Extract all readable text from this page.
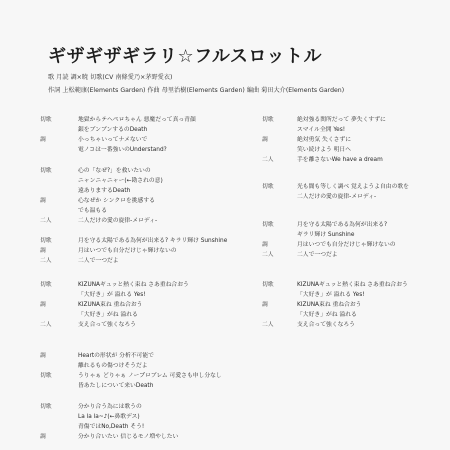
ギザギザギラリ☆フルスロットル
歌 月読 調×暁 切歌(CV 南條愛乃×茅野愛衣)
作詞 上松範康(Elements Garden) 作曲 母里治樹(Elements Garden) 編曲 菊田大介(Elements Garden)
切歌	地獄からテヘペロちゃん 悪魔だって真っ青顔
銀をブンブンするのDeath
調	小っちゃいってナメないで
電ノコは一番強いのUnderstand?
切歌	心の「なぜ?」を救いたいの
ニャンニャニャー(←勘されの意)
遠ありまするDeath
調	心なぜか シンクロを挑感する
でも温もる
二人	二人だけの愛の旋律-メロディ-
切歌	月を守る太陽である為何が出来る? キラリ輝け Sunshine
調	月はいつでも自分だけじゃ輝けないの
二人	二人で一つだよ
切歌	KIZUNAギュッと熱く束ね さあ重ね合おう
「大好き」が 溢れる Yes!
調	KIZUNA束ね 重ね合おう
「大好き」がね 溢れる
二人	支え合って強くなろう
調	Heartの形状が 分析不可能で
離れるもの傷つけそうだよ
切歌	うりゃぁ どりゃぁ ノープロブレム 可愛さも申し分なし
皆あたしについて来いDeath
切歌	分かり合う為には歌うの
La la la~♪(←鼻歌デス)
青傷ではNo,Death そう!
調	分かり合いたい 信じるモノ増やしたい
切歌	絶対強る関所だって 夢失くすずに
スマイル全開 Yes!
調	絶対勇気 失くさずに
笑い続けよう 明日へ
二人	手を離さないWe have a dream
切歌	光も闇も等しく調べ 覚えようよ自由の歌を
二人だけの愛の旋律-メロディ-
切歌	月を守る太陽である為何が出来る?
ギラリ輝け Sunshine
調	月はいつでも自分だけじゃ輝けないの
二人	二人で一つだよ
切歌	KIZUNAギュッと熱く束ね さあ重ね合おう
「大好き」が 溢れる Yes!
調	KIZUNA束ね 重ね合おう
「大好き」がね 溢れる
二人	支え合って強くなろう
